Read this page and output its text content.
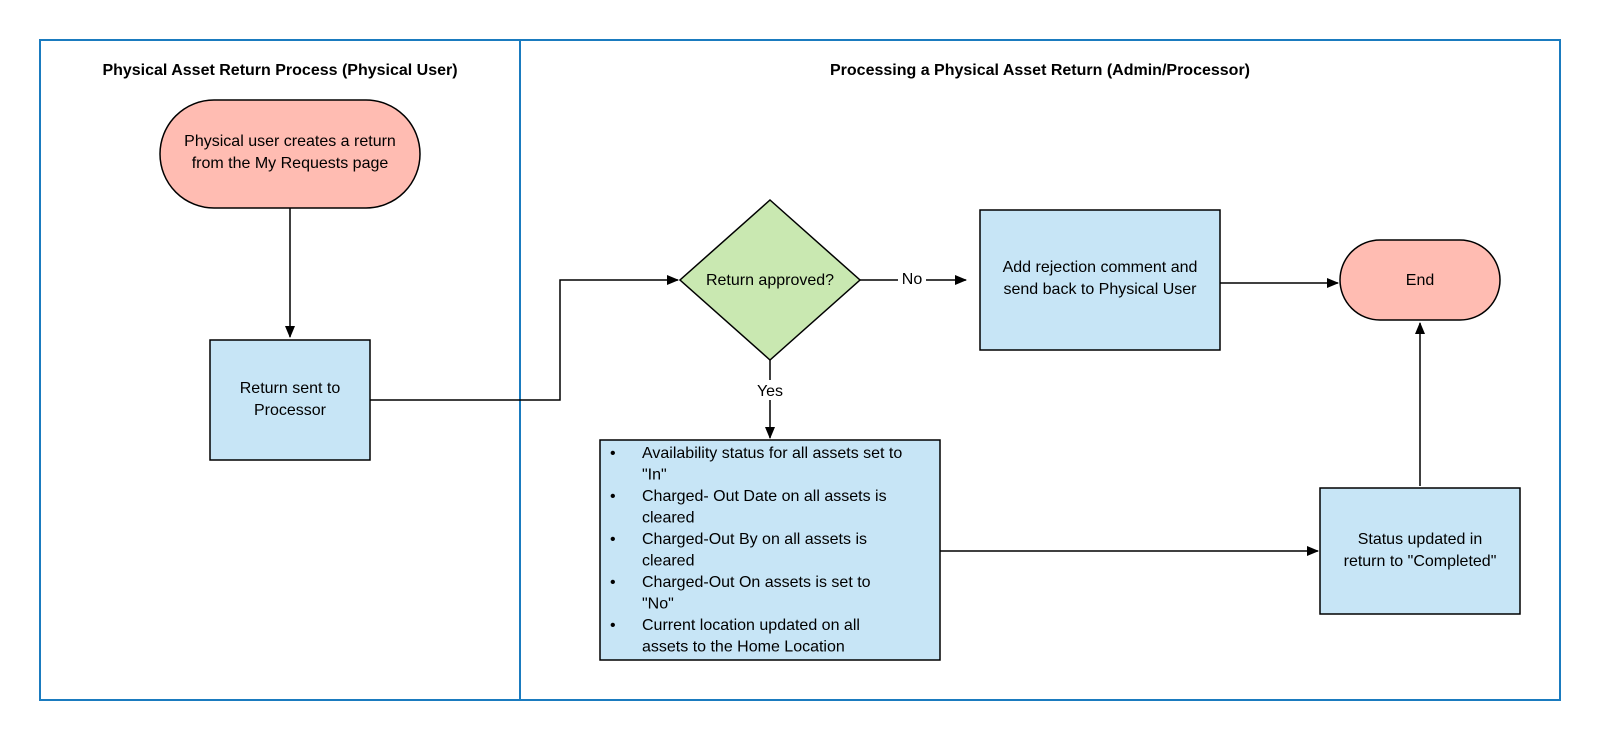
Physical Asset Return Process (Physical User)	Processing a Physical Asset Return (Admin/Processor)
No
Yes
Physical user creates a return
from the My Requests page
Return sent to
Processor
Return approved?
Add rejection comment and
send back to Physical User
End
• Availability status for all assets set to
"In"
• Charged- Out Date on all assets is
cleared
• Charged-Out By on all assets is
cleared
• Charged-Out On assets is set to
"No"
• Current location updated on all
assets to the Home Location
Status updated in
return to "Completed"
